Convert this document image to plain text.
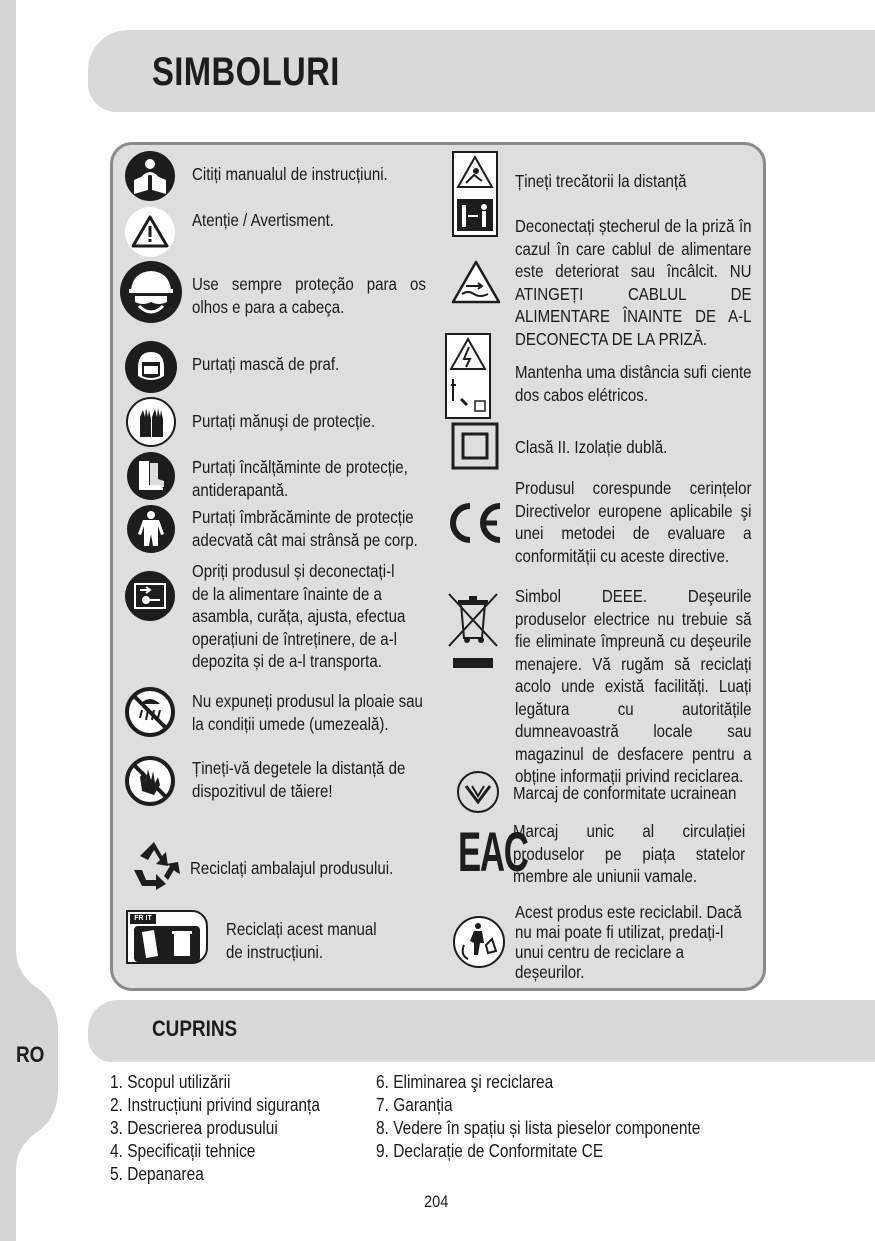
RO
SIMBOLURI
Citiți manualul de instrucțiuni.
Atenție / Avertisment.
Use sempre proteção para os olhos e para a cabeça.
Purtați mască de praf.
Purtați mănuşi de protecție.
Purtați încălțăminte de protecție, antiderapantă.
Purtați îmbrăcăminte de protecție adecvată cât mai strânsă pe corp.
Opriți produsul și deconectați-l de la alimentare înainte de a asambla, curăța, ajusta, efectua operațiuni de întreținere, de a-l depozita și de a-l transporta.
Nu expuneți produsul la ploaie sau la condiții umede (umezeală).
Țineți-vă degetele la distanță de dispozitivul de tăiere!
Reciclați ambalajul produsului.
FR IT
Reciclați acest manual de instrucțiuni.
Țineți trecătorii la distanță
Deconectați ștecherul de la priză în cazul în care cablul de alimentare este deteriorat sau încâlcit. NU ATINGEȚI CABLUL DE ALIMENTARE ÎNAINTE DE A-L DECONECTA DE LA PRIZĂ.
Mantenha uma distância sufi ciente dos cabos elétricos.
Clasă II. Izolație dublă.
Produsul corespunde cerințelor Directivelor europene aplicabile şi unei metodei de evaluare a conformității cu aceste directive.
Simbol DEEE. Deşeurile produselor electrice nu trebuie să fie eliminate împreună cu deşeurile menajere. Vă rugăm să reciclați acolo unde există facilități. Luați legătura cu autoritățile dumneavoastră locale sau magazinul de desfacere pentru a obține informații privind reciclarea.
Marcaj de conformitate ucrainean
EAC
Marcaj unic al circulației produselor pe piața statelor membre ale uniunii vamale.
Acest produs este reciclabil. Dacă nu mai poate fi utilizat, predați-l unui centru de reciclare a deșeurilor.
CUPRINS
1. Scopul utilizării
2. Instrucțiuni privind siguranța
3. Descrierea produsului
4. Specificații tehnice
5. Depanarea
6. Eliminarea şi reciclarea
7. Garanția
8. Vedere în spațiu și lista pieselor componente
9. Declarație de Conformitate CE
204
